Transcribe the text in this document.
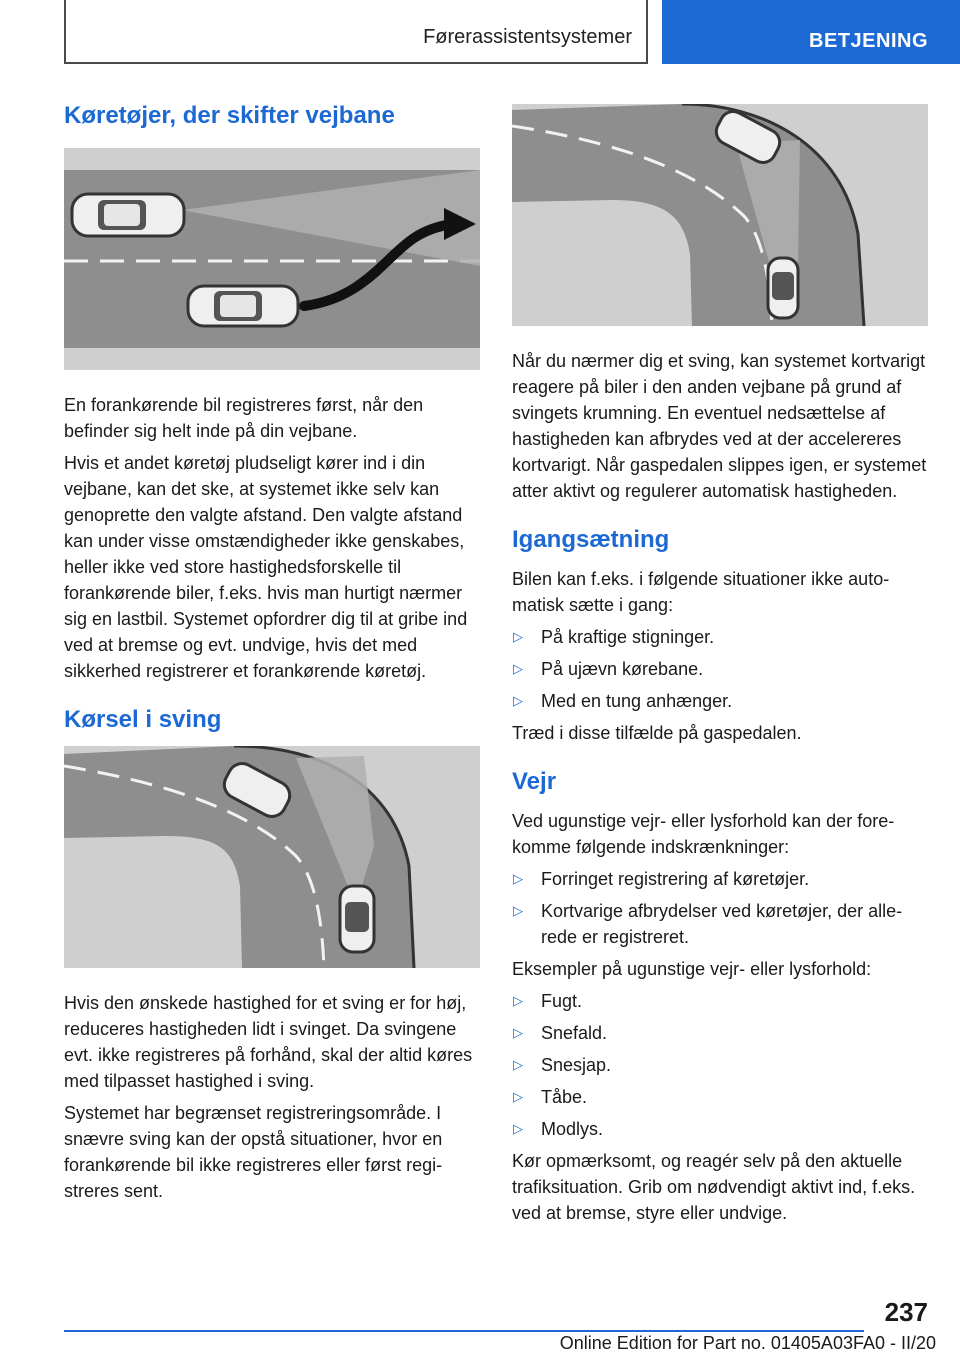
Førerassistentsystemer	BETJENING
Køretøjer, der skifter vejbane

En forankørende bil registreres først, når den befinder sig helt inde på din vejbane.

Hvis et andet køretøj pludseligt kører ind i din vejbane, kan det ske, at systemet ikke selv kan genoprette den valgte afstand. Den valgte afstand kan under visse omstændigheder ikke genskabes, heller ikke ved store hastighedsforskelle til forankørende biler, f.eks. hvis man hurtigt nærmer sig en lastbil. Systemet opfordrer dig til at gribe ind ved at bremse og evt. undvige, hvis det med sikkerhed registrerer et forankørende køretøj.

Kørsel i sving

Hvis den ønskede hastighed for et sving er for høj, reduceres hastigheden lidt i svinget. Da svingene evt. ikke registreres på forhånd, skal der altid køres med tilpasset hastighed i sving.

Systemet har begrænset registreringsområde. I snævre sving kan der opstå situationer, hvor en forankørende bil ikke registreres eller først registreres sent.

Når du nærmer dig et sving, kan systemet kortvarigt reagere på biler i den anden vejbane på grund af svingets krumning. En eventuel nedsættelse af hastigheden kan afbrydes ved at der accelereres kortvarigt. Når gaspedalen slippes igen, er systemet atter aktivt og regulerer automatisk hastigheden.

Igangsætning

Bilen kan f.eks. i følgende situationer ikke automatisk sætte i gang:

▷ På kraftige stigninger.
▷ På ujævn kørebane.
▷ Med en tung anhænger.

Træd i disse tilfælde på gaspedalen.

Vejr

Ved ugunstige vejr- eller lysforhold kan der forekomme følgende indskrænkninger:

▷ Forringet registrering af køretøjer.
▷ Kortvarige afbrydelser ved køretøjer, der allerede er registreret.

Eksempler på ugunstige vejr- eller lysforhold:

▷ Fugt.
▷ Snefald.
▷ Snesjap.
▷ Tåbe.
▷ Modlys.

Kør opmærksomt, og reagér selv på den aktuelle trafiksituation. Grib om nødvendigt aktivt ind, f.eks. ved at bremse, styre eller undvige.

237
Online Edition for Part no. 01405A03FA0 - II/20
